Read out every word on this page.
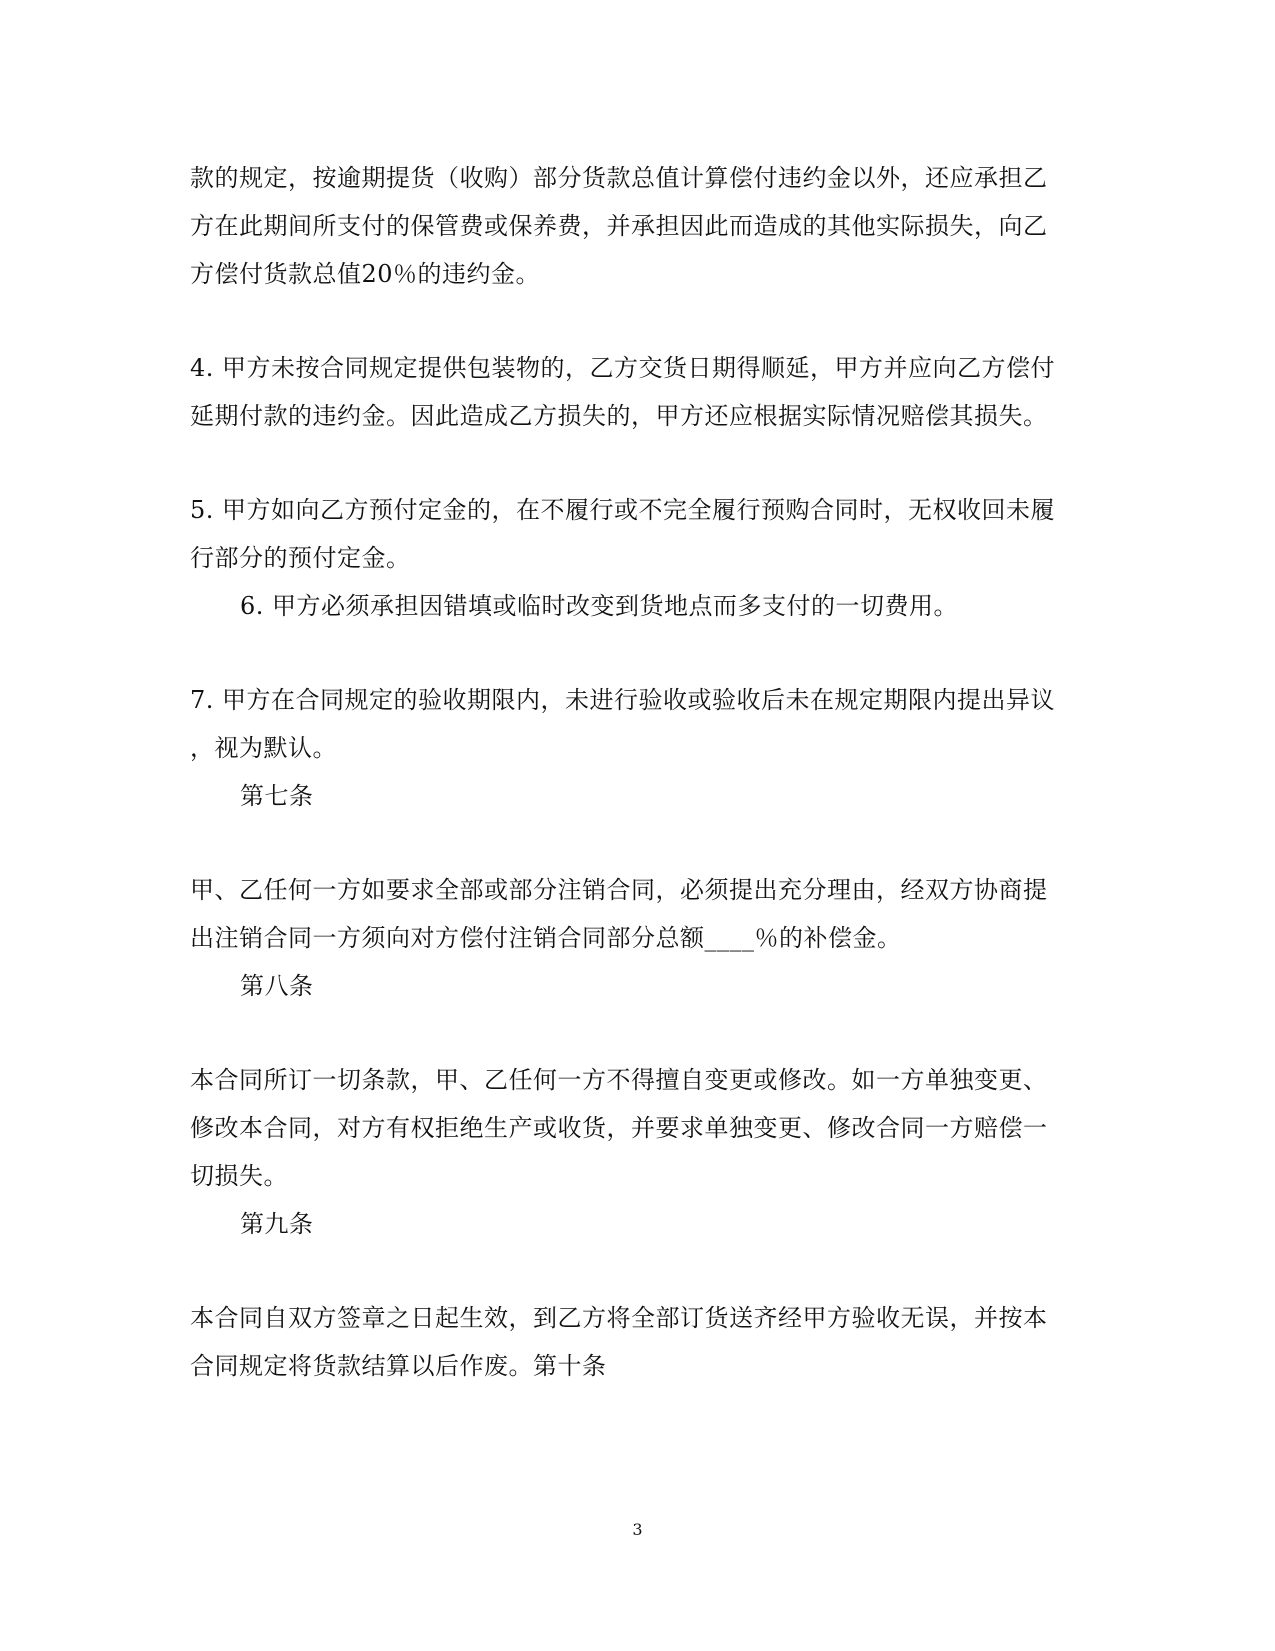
款的规定，按逾期提货（收购）部分货款总值计算偿付违约金以外，还应承担乙
方在此期间所支付的保管费或保养费，并承担因此而造成的其他实际损失，向乙
方偿付货款总值20％的违约金。
4. 甲方未按合同规定提供包装物的，乙方交货日期得顺延，甲方并应向乙方偿付
延期付款的违约金。因此造成乙方损失的，甲方还应根据实际情况赔偿其损失。
5. 甲方如向乙方预付定金的，在不履行或不完全履行预购合同时，无权收回未履
行部分的预付定金。
6. 甲方必须承担因错填或临时改变到货地点而多支付的一切费用。
7. 甲方在合同规定的验收期限内，未进行验收或验收后未在规定期限内提出异议
，视为默认。
第七条
甲、乙任何一方如要求全部或部分注销合同，必须提出充分理由，经双方协商提
出注销合同一方须向对方偿付注销合同部分总额____％的补偿金。
第八条
本合同所订一切条款，甲、乙任何一方不得擅自变更或修改。如一方单独变更、
修改本合同，对方有权拒绝生产或收货，并要求单独变更、修改合同一方赔偿一
切损失。
第九条
本合同自双方签章之日起生效，到乙方将全部订货送齐经甲方验收无误，并按本
合同规定将货款结算以后作废。第十条
3
